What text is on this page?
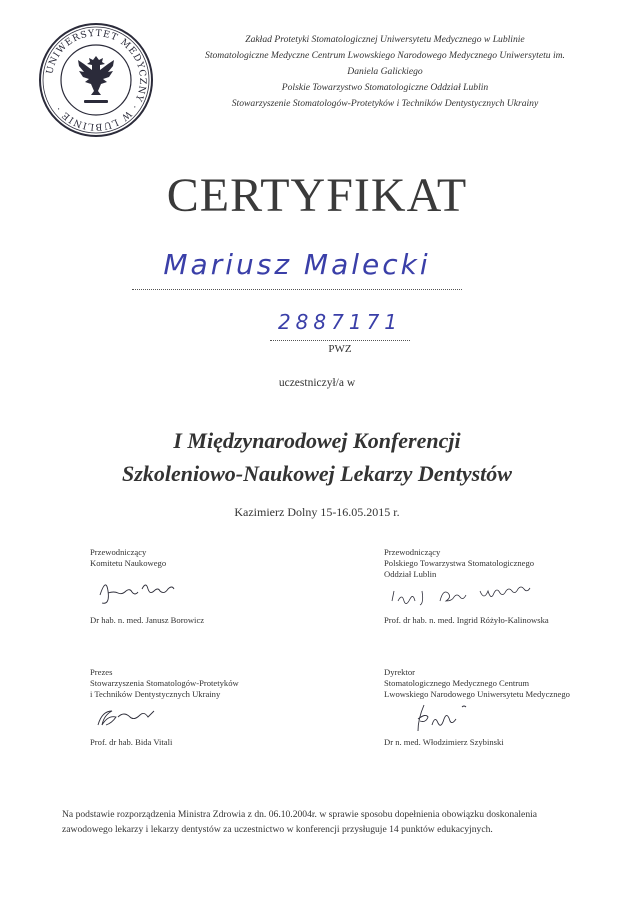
UNIWERSYTET MEDYCZNY · W LUBLINIE ·
Zakład Protetyki Stomatologicznej Uniwersytetu Medycznego w Lublinie
Stomatologiczne Medyczne Centrum Lwowskiego Narodowego Medycznego Uniwersytetu im.
Daniela Galickiego
Polskie Towarzystwo Stomatologiczne Oddział Lublin
Stowarzyszenie Stomatologów-Protetyków i Techników Dentystycznych Ukrainy
CERTYFIKAT
Mariusz Malecki
2887171
PWZ
uczestniczył/a w
I Międzynarodowej Konferencji
Szkoleniowo-Naukowej Lekarzy Dentystów
Kazimierz Dolny 15-16.05.2015 r.
Przewodniczący
Komitetu Naukowego
Dr hab. n. med. Janusz Borowicz
Przewodniczący
Polskiego Towarzystwa Stomatologicznego
Oddział Lublin
Prof. dr hab. n. med. Ingrid Różyło-Kalinowska
Prezes
Stowarzyszenia Stomatologów-Protetyków
i Techników Dentystycznych Ukrainy
Prof. dr hab. Bida Vitali
Dyrektor
Stomatologicznego Medycznego Centrum
Lwowskiego Narodowego Uniwersytetu Medycznego
Dr n. med. Włodzimierz Szybinski
Na podstawie rozporządzenia Ministra Zdrowia z dn. 06.10.2004r. w sprawie sposobu dopełnienia obowiązku doskonalenia
zawodowego lekarzy i lekarzy dentystów za uczestnictwo w konferencji przysługuje 14 punktów edukacyjnych.
